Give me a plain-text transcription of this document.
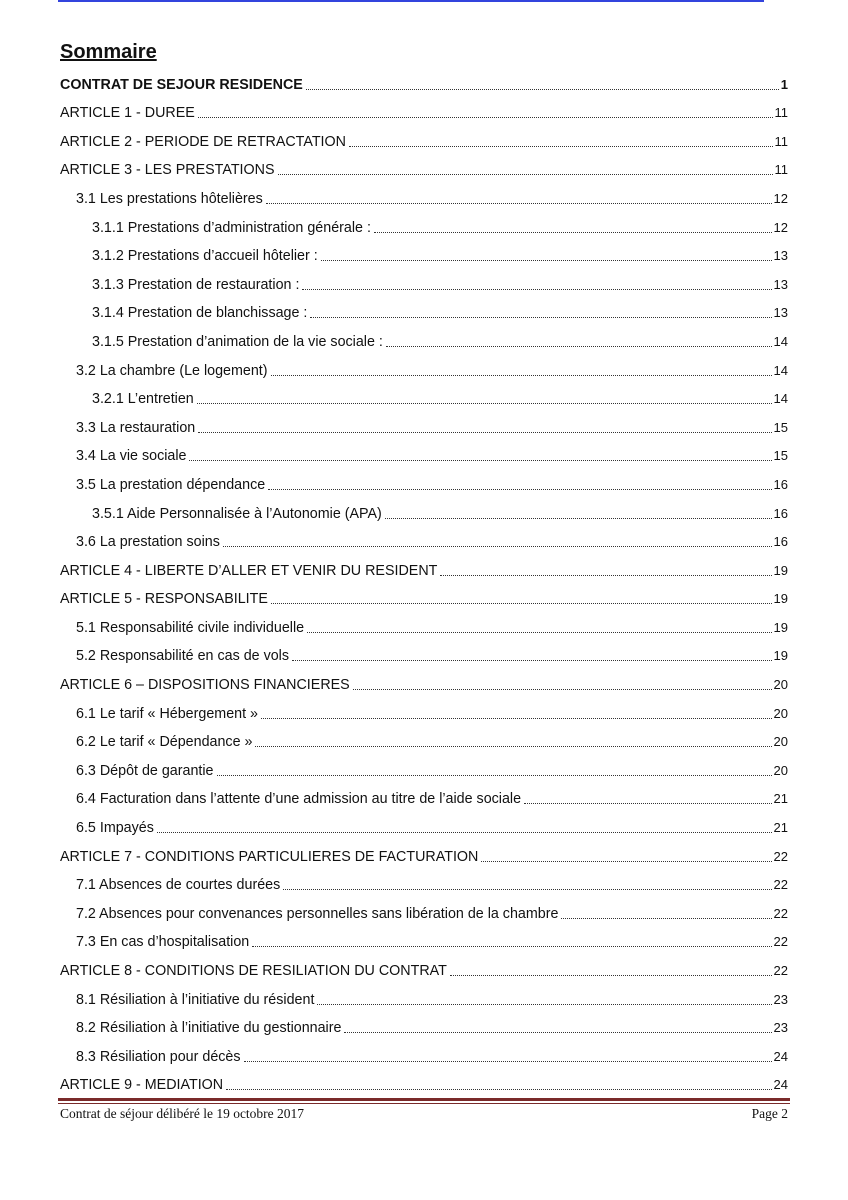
Sommaire
CONTRAT DE SEJOUR RESIDENCE	1
ARTICLE 1 - DUREE	11
ARTICLE 2 - PERIODE DE RETRACTATION	11
ARTICLE 3 - LES PRESTATIONS	11
3.1 Les prestations hôtelières	12
3.1.1 Prestations d’administration générale :	12
3.1.2 Prestations d’accueil hôtelier :	13
3.1.3 Prestation de restauration :	13
3.1.4 Prestation de blanchissage :	13
3.1.5 Prestation d’animation de la vie sociale :	14
3.2 La chambre (Le logement)	14
3.2.1 L’entretien	14
3.3 La restauration	15
3.4 La vie sociale	15
3.5 La prestation dépendance	16
3.5.1 Aide Personnalisée à l’Autonomie (APA)	16
3.6 La prestation soins	16
ARTICLE 4 - LIBERTE D’ALLER ET VENIR DU RESIDENT	19
ARTICLE 5 - RESPONSABILITE	19
5.1 Responsabilité civile individuelle	19
5.2 Responsabilité en cas de vols	19
ARTICLE 6 – DISPOSITIONS FINANCIERES	20
6.1 Le tarif « Hébergement »	20
6.2 Le tarif « Dépendance »	20
6.3 Dépôt de garantie	20
6.4 Facturation dans l’attente d’une admission au titre de l’aide sociale	21
6.5 Impayés	21
ARTICLE 7 - CONDITIONS PARTICULIERES DE FACTURATION	22
7.1 Absences de courtes durées	22
7.2 Absences pour convenances personnelles sans libération de la chambre	22
7.3 En cas d’hospitalisation	22
ARTICLE 8 - CONDITIONS DE RESILIATION DU CONTRAT	22
8.1 Résiliation à l’initiative du résident	23
8.2 Résiliation à l’initiative du gestionnaire	23
8.3 Résiliation pour décès	24
ARTICLE 9 - MEDIATION	24
Contrat de séjour délibéré le 19 octobre 2017	Page 2
